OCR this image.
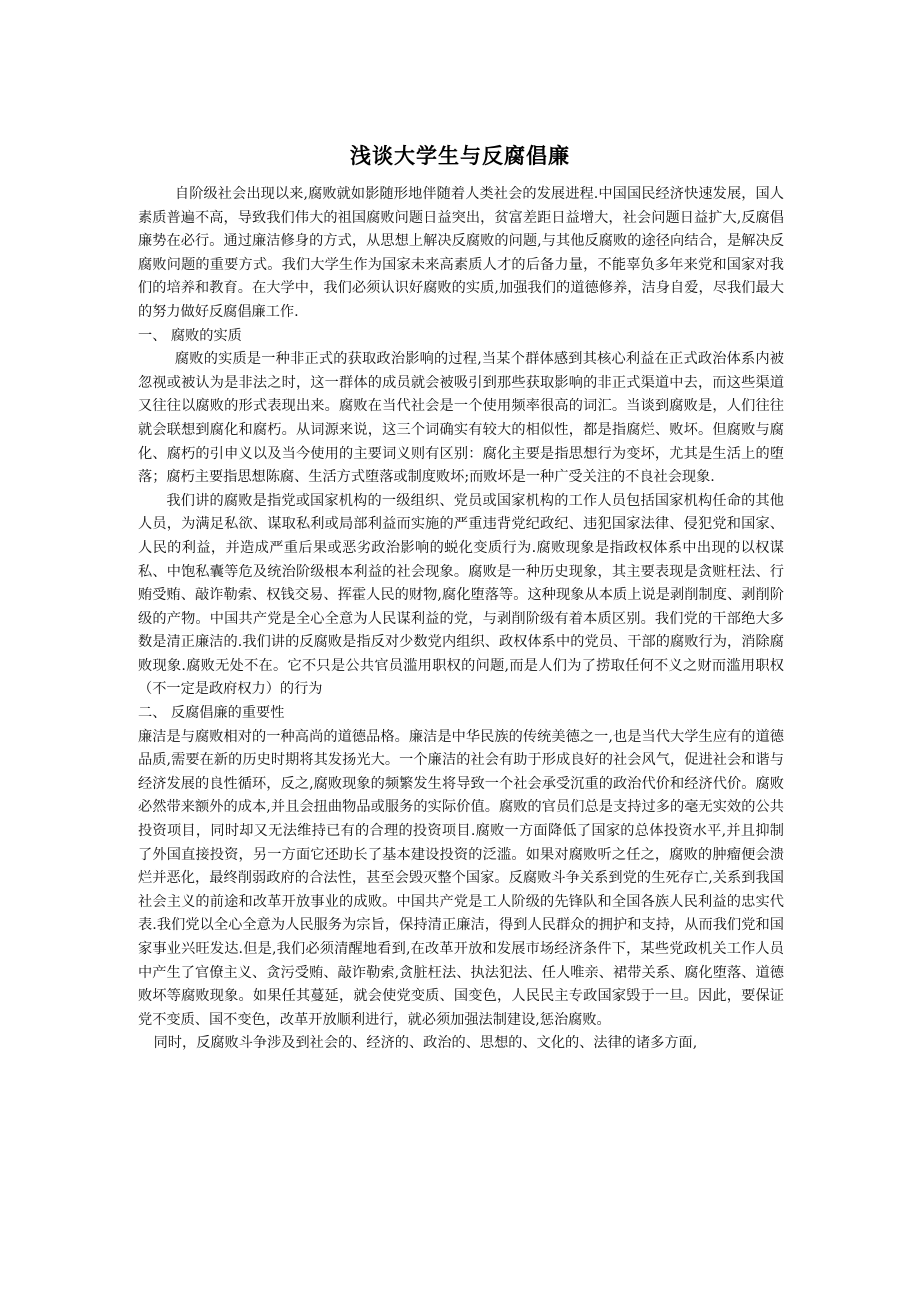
浅谈大学生与反腐倡廉

自阶级社会出现以来,腐败就如影随形地伴随着人类社会的发展进程.中国国民经济快速发展，国人素质普遍不高，导致我们伟大的祖国腐败问题日益突出，贫富差距日益增大，社会问题日益扩大,反腐倡廉势在必行。通过廉洁修身的方式，从思想上解决反腐败的问题,与其他反腐败的途径向结合，是解决反腐败问题的重要方式。我们大学生作为国家未来高素质人才的后备力量，不能辜负多年来党和国家对我们的培养和教育。在大学中，我们必须认识好腐败的实质,加强我们的道德修养，洁身自爱，尽我们最大的努力做好反腐倡廉工作.

一、 腐败的实质

腐败的实质是一种非正式的获取政治影响的过程,当某个群体感到其核心利益在正式政治体系内被忽视或被认为是非法之时，这一群体的成员就会被吸引到那些获取影响的非正式渠道中去，而这些渠道又往往以腐败的形式表现出来。腐败在当代社会是一个使用频率很高的词汇。当谈到腐败是，人们往往就会联想到腐化和腐朽。从词源来说，这三个词确实有较大的相似性，都是指腐烂、败坏。但腐败与腐化、腐朽的引申义以及当今使用的主要词义则有区别：腐化主要是指思想行为变坏，尤其是生活上的堕落；腐朽主要指思想陈腐、生活方式堕落或制度败坏;而败坏是一种广受关注的不良社会现象.

我们讲的腐败是指党或国家机构的一级组织、党员或国家机构的工作人员包括国家机构任命的其他人员，为满足私欲、谋取私利或局部利益而实施的严重违背党纪政纪、违犯国家法律、侵犯党和国家、人民的利益，并造成严重后果或恶劣政治影响的蜕化变质行为.腐败现象是指政权体系中出现的以权谋私、中饱私囊等危及统治阶级根本利益的社会现象。腐败是一种历史现象，其主要表现是贪赃枉法、行贿受贿、敲诈勒索、权钱交易、挥霍人民的财物,腐化堕落等。这种现象从本质上说是剥削制度、剥削阶级的产物。中国共产党是全心全意为人民谋利益的党，与剥削阶级有着本质区别。我们党的干部绝大多数是清正廉洁的.我们讲的反腐败是指反对少数党内组织、政权体系中的党员、干部的腐败行为，消除腐败现象.腐败无处不在。它不只是公共官员滥用职权的问题,而是人们为了捞取任何不义之财而滥用职权（不一定是政府权力）的行为

二、 反腐倡廉的重要性

廉洁是与腐败相对的一种高尚的道德品格。廉洁是中华民族的传统美德之一,也是当代大学生应有的道德品质,需要在新的历史时期将其发扬光大。一个廉洁的社会有助于形成良好的社会风气，促进社会和谐与经济发展的良性循环，反之,腐败现象的频繁发生将导致一个社会承受沉重的政治代价和经济代价。腐败必然带来额外的成本,并且会扭曲物品或服务的实际价值。腐败的官员们总是支持过多的毫无实效的公共投资项目，同时却又无法维持已有的合理的投资项目.腐败一方面降低了国家的总体投资水平,并且抑制了外国直接投资，另一方面它还助长了基本建设投资的泛滥。如果对腐败听之任之，腐败的肿瘤便会溃烂并恶化，最终削弱政府的合法性，甚至会毁灭整个国家。反腐败斗争关系到党的生死存亡,关系到我国社会主义的前途和改革开放事业的成败。中国共产党是工人阶级的先锋队和全国各族人民利益的忠实代表.我们党以全心全意为人民服务为宗旨，保持清正廉洁，得到人民群众的拥护和支持，从而我们党和国家事业兴旺发达.但是,我们必须清醒地看到,在改革开放和发展市场经济条件下，某些党政机关工作人员中产生了官僚主义、贪污受贿、敲诈勒索,贪脏枉法、执法犯法、任人唯亲、裙带关系、腐化堕落、道德败坏等腐败现象。如果任其蔓延，就会使党变质、国变色，人民民主专政国家毁于一旦。因此，要保证党不变质、国不变色，改革开放顺利进行，就必须加强法制建设,惩治腐败。

同时，反腐败斗争涉及到社会的、经济的、政治的、思想的、文化的、法律的诸多方面,
